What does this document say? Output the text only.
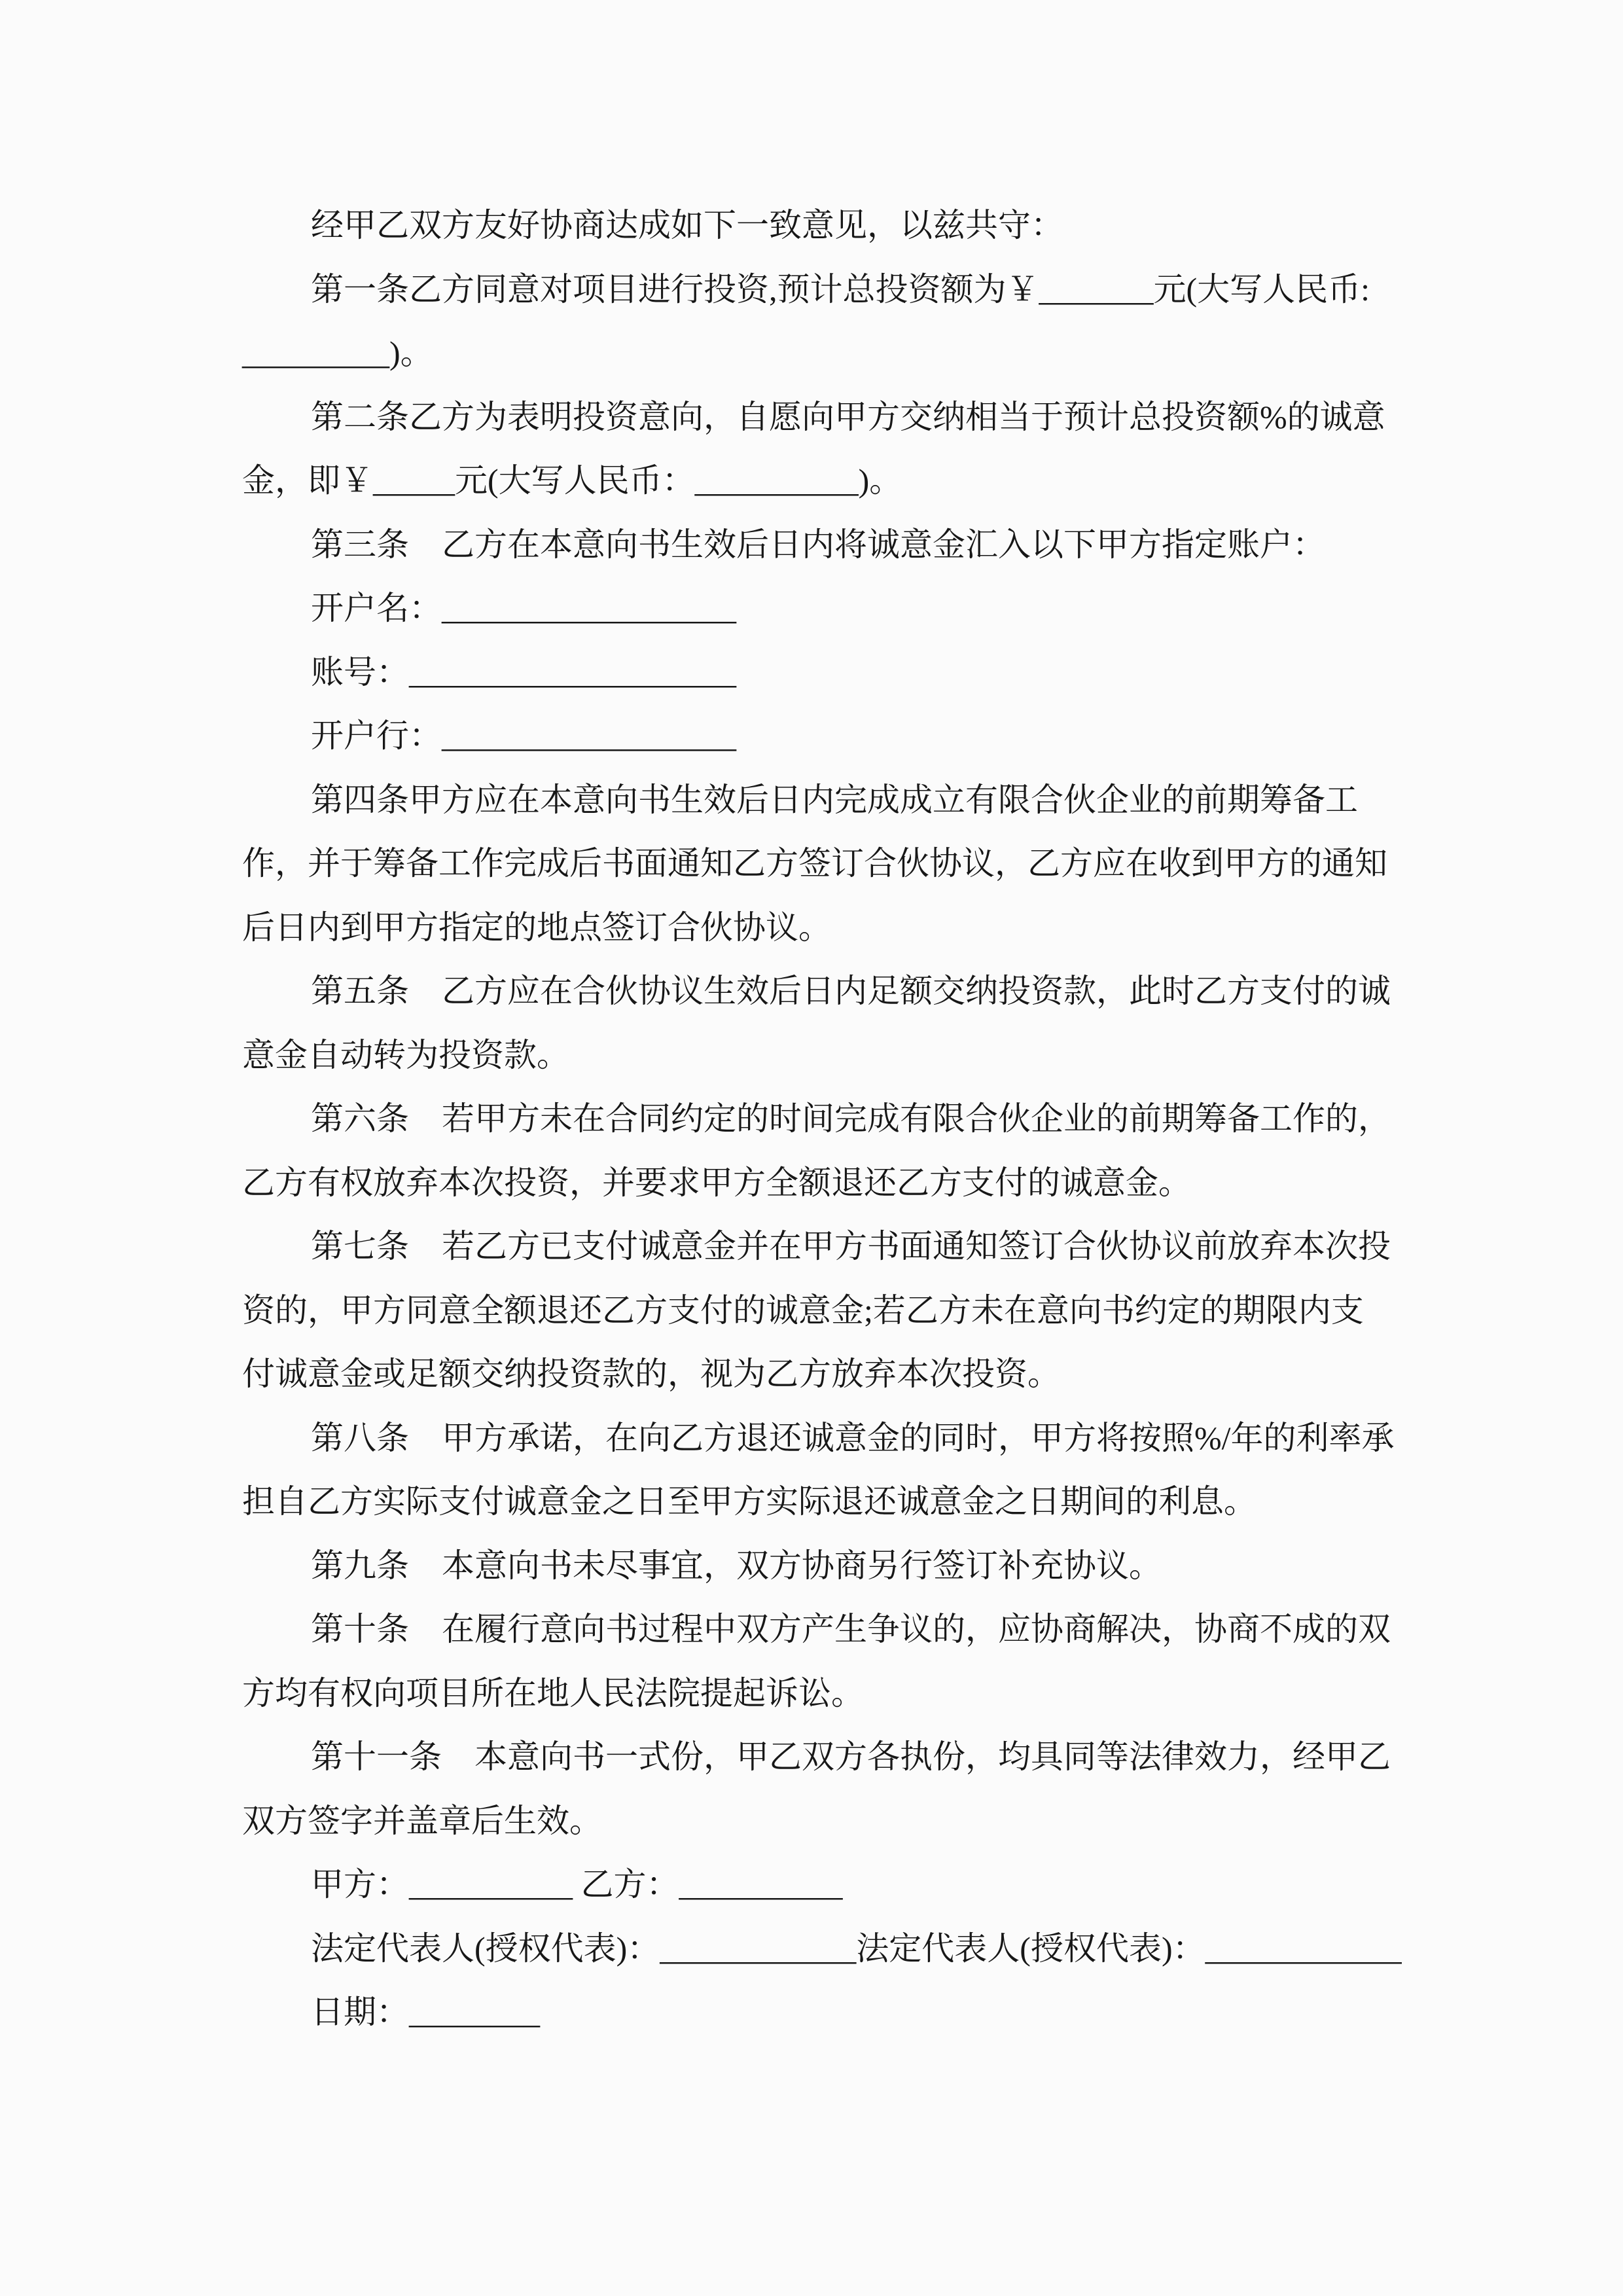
经甲乙双方友好协商达成如下一致意见，以兹共守：
第一条乙方同意对项目进行投资,预计总投资额为￥_______元(大写人民币:
_________)。
第二条乙方为表明投资意向，自愿向甲方交纳相当于预计总投资额%的诚意
金，即￥_____元(大写人民币：__________)。
第三条　乙方在本意向书生效后日内将诚意金汇入以下甲方指定账户：
开户名：__________________
账号：____________________
开户行：__________________
第四条甲方应在本意向书生效后日内完成成立有限合伙企业的前期筹备工
作，并于筹备工作完成后书面通知乙方签订合伙协议，乙方应在收到甲方的通知
后日内到甲方指定的地点签订合伙协议。
第五条　乙方应在合伙协议生效后日内足额交纳投资款，此时乙方支付的诚
意金自动转为投资款。
第六条　若甲方未在合同约定的时间完成有限合伙企业的前期筹备工作的，
乙方有权放弃本次投资，并要求甲方全额退还乙方支付的诚意金。
第七条　若乙方已支付诚意金并在甲方书面通知签订合伙协议前放弃本次投
资的，甲方同意全额退还乙方支付的诚意金;若乙方未在意向书约定的期限内支
付诚意金或足额交纳投资款的，视为乙方放弃本次投资。
第八条　甲方承诺，在向乙方退还诚意金的同时，甲方将按照%/年的利率承
担自乙方实际支付诚意金之日至甲方实际退还诚意金之日期间的利息。
第九条　本意向书未尽事宜，双方协商另行签订补充协议。
第十条　在履行意向书过程中双方产生争议的，应协商解决，协商不成的双
方均有权向项目所在地人民法院提起诉讼。
第十一条　本意向书一式份，甲乙双方各执份，均具同等法律效力，经甲乙
双方签字并盖章后生效。
甲方：__________ 乙方：__________
法定代表人(授权代表)：____________法定代表人(授权代表)：____________
日期：________
